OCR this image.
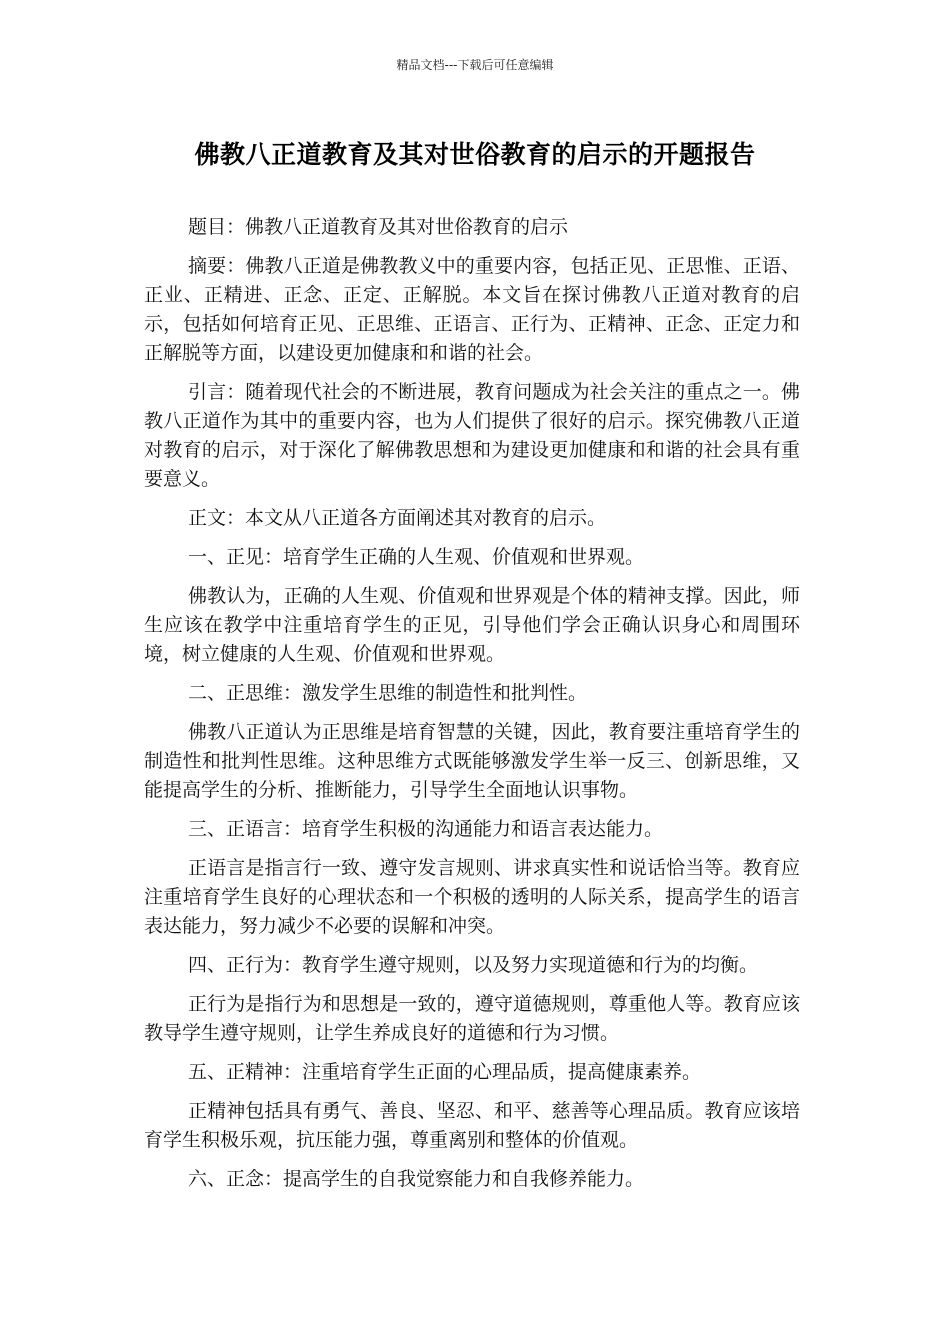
精品文档---下载后可任意编辑
佛教八正道教育及其对世俗教育的启示的开题报告

题目：佛教八正道教育及其对世俗教育的启示

摘要：佛教八正道是佛教教义中的重要内容，包括正见、正思惟、正语、正业、正精进、正念、正定、正解脱。本文旨在探讨佛教八正道对教育的启示，包括如何培育正见、正思维、正语言、正行为、正精神、正念、正定力和正解脱等方面，以建设更加健康和和谐的社会。

引言：随着现代社会的不断进展，教育问题成为社会关注的重点之一。佛教八正道作为其中的重要内容，也为人们提供了很好的启示。探究佛教八正道对教育的启示，对于深化了解佛教思想和为建设更加健康和和谐的社会具有重要意义。

正文：本文从八正道各方面阐述其对教育的启示。

一、正见：培育学生正确的人生观、价值观和世界观。

佛教认为，正确的人生观、价值观和世界观是个体的精神支撑。因此，师生应该在教学中注重培育学生的正见，引导他们学会正确认识身心和周围环境，树立健康的人生观、价值观和世界观。

二、正思维：激发学生思维的制造性和批判性。

佛教八正道认为正思维是培育智慧的关键，因此，教育要注重培育学生的制造性和批判性思维。这种思维方式既能够激发学生举一反三、创新思维，又能提高学生的分析、推断能力，引导学生全面地认识事物。

三、正语言：培育学生积极的沟通能力和语言表达能力。

正语言是指言行一致、遵守发言规则、讲求真实性和说话恰当等。教育应注重培育学生良好的心理状态和一个积极的透明的人际关系，提高学生的语言表达能力，努力减少不必要的误解和冲突。

四、正行为：教育学生遵守规则，以及努力实现道德和行为的均衡。

正行为是指行为和思想是一致的，遵守道德规则，尊重他人等。教育应该教导学生遵守规则，让学生养成良好的道德和行为习惯。

五、正精神：注重培育学生正面的心理品质，提高健康素养。

正精神包括具有勇气、善良、坚忍、和平、慈善等心理品质。教育应该培育学生积极乐观，抗压能力强，尊重离别和整体的价值观。

六、正念：提高学生的自我觉察能力和自我修养能力。
